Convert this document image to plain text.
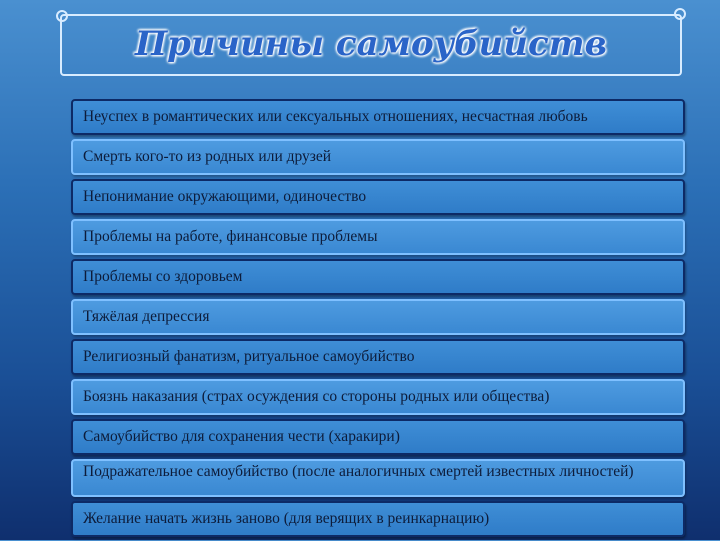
Причины самоубийств
Неуспех в романтических или сексуальных отношениях, несчастная любовь
Смерть кого-то из родных или друзей
Непонимание окружающими, одиночество
Проблемы на работе, финансовые проблемы
Проблемы со здоровьем
Тяжёлая депрессия
Религиозный фанатизм, ритуальное самоубийство
Боязнь наказания (страх осуждения со стороны родных или общества)
Самоубийство для сохранения чести (харакири)
Подражательное самоубийство (после аналогичных смертей известных личностей)
Желание начать жизнь заново (для верящих в реинкарнацию)
